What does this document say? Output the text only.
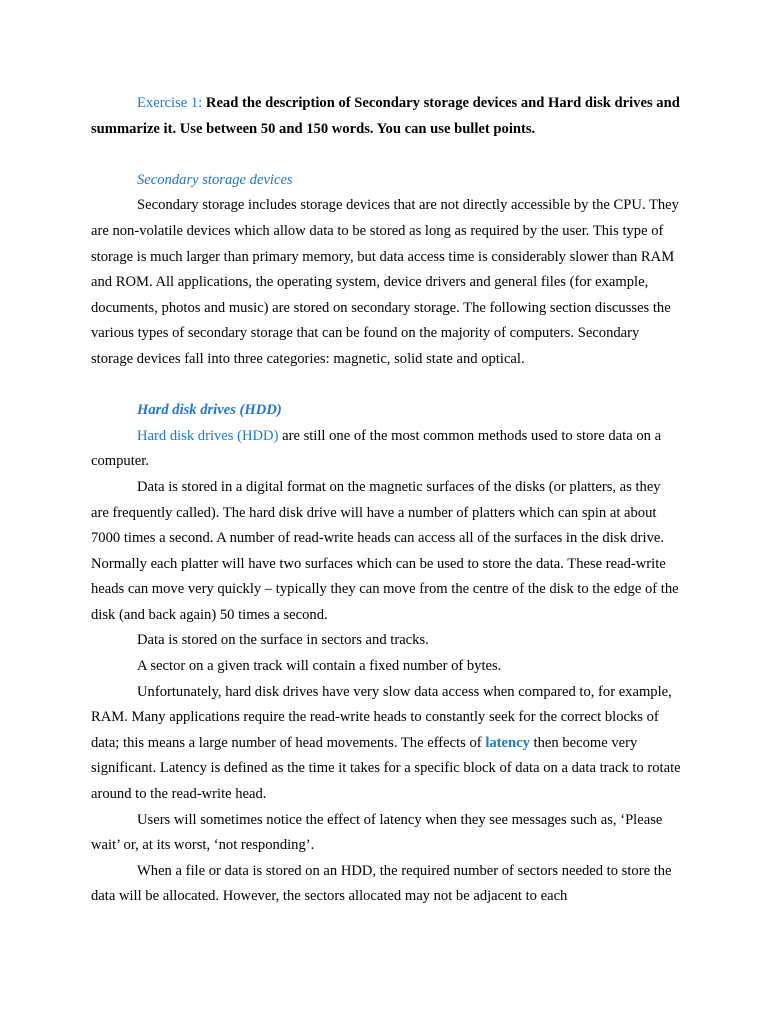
Exercise 1: Read the description of Secondary storage devices and Hard disk drives and summarize it. Use between 50 and 150 words. You can use bullet points.

Secondary storage devices

Secondary storage includes storage devices that are not directly accessible by the CPU. They are non-volatile devices which allow data to be stored as long as required by the user. This type of storage is much larger than primary memory, but data access time is considerably slower than RAM and ROM. All applications, the operating system, device drivers and general files (for example, documents, photos and music) are stored on secondary storage. The following section discusses the various types of secondary storage that can be found on the majority of computers. Secondary storage devices fall into three categories: magnetic, solid state and optical.

Hard disk drives (HDD)

Hard disk drives (HDD) are still one of the most common methods used to store data on a computer.

Data is stored in a digital format on the magnetic surfaces of the disks (or platters, as they are frequently called). The hard disk drive will have a number of platters which can spin at about 7000 times a second. A number of read-write heads can access all of the surfaces in the disk drive. Normally each platter will have two surfaces which can be used to store the data. These read-write heads can move very quickly – typically they can move from the centre of the disk to the edge of the disk (and back again) 50 times a second.

Data is stored on the surface in sectors and tracks.

A sector on a given track will contain a fixed number of bytes.

Unfortunately, hard disk drives have very slow data access when compared to, for example, RAM. Many applications require the read-write heads to constantly seek for the correct blocks of data; this means a large number of head movements. The effects of latency then become very significant. Latency is defined as the time it takes for a specific block of data on a data track to rotate around to the read-write head.

Users will sometimes notice the effect of latency when they see messages such as, ‘Please wait’ or, at its worst, ‘not responding’.

When a file or data is stored on an HDD, the required number of sectors needed to store the data will be allocated. However, the sectors allocated may not be adjacent to each
